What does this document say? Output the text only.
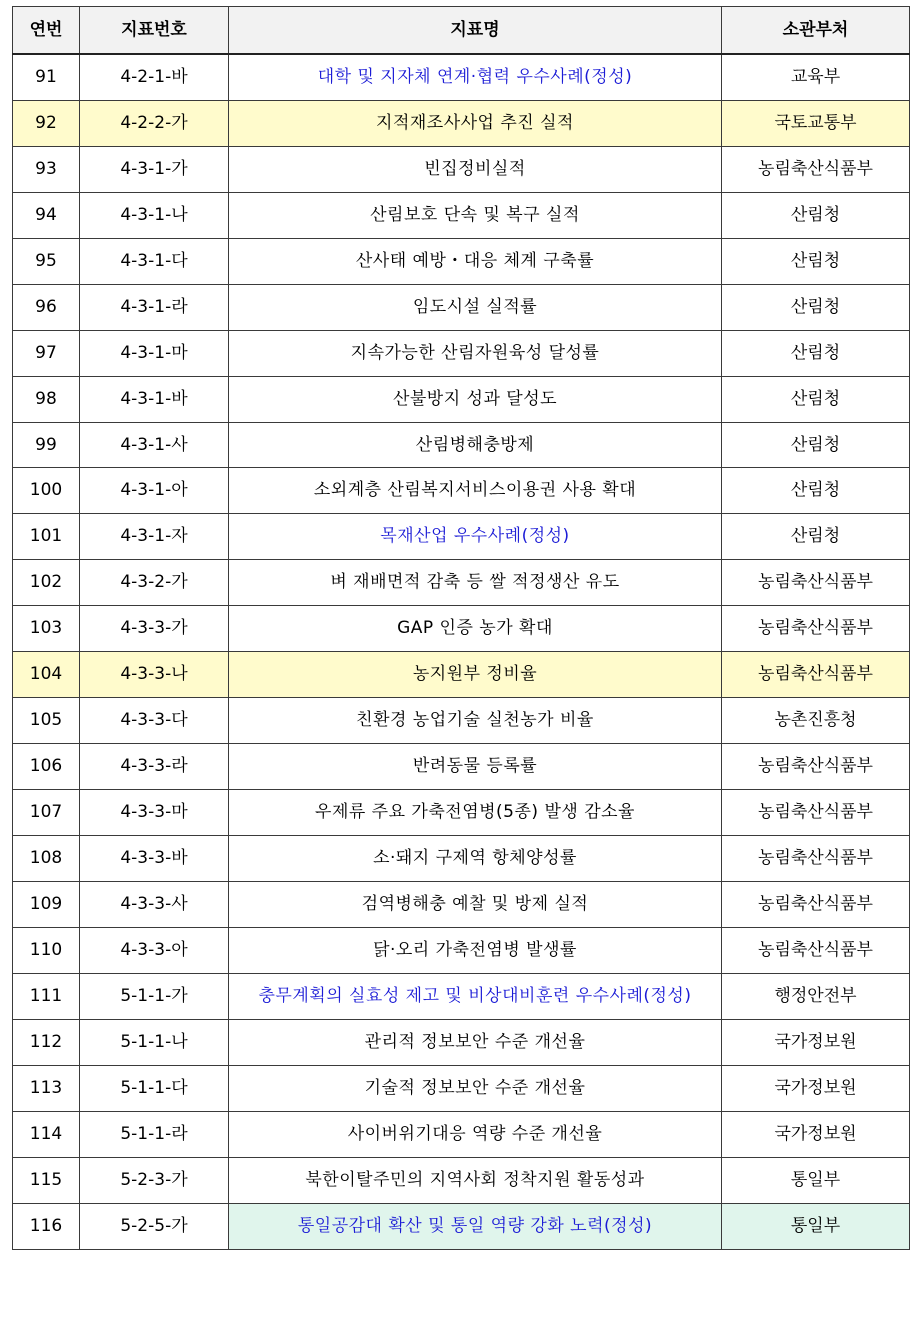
연번	지표번호	지표명	소관부처
91	4-2-1-바	대학 및 지자체 연계·협력 우수사례(정성)	교육부
92	4-2-2-가	지적재조사사업 추진 실적	국토교통부
93	4-3-1-가	빈집정비실적	농림축산식품부
94	4-3-1-나	산림보호 단속 및 복구 실적	산림청
95	4-3-1-다	산사태 예방・대응 체계 구축률	산림청
96	4-3-1-라	임도시설 실적률	산림청
97	4-3-1-마	지속가능한 산림자원육성 달성률	산림청
98	4-3-1-바	산불방지 성과 달성도	산림청
99	4-3-1-사	산림병해충방제	산림청
100	4-3-1-아	소외계층 산림복지서비스이용권 사용 확대	산림청
101	4-3-1-자	목재산업 우수사례(정성)	산림청
102	4-3-2-가	벼 재배면적 감축 등 쌀 적정생산 유도	농림축산식품부
103	4-3-3-가	GAP 인증 농가 확대	농림축산식품부
104	4-3-3-나	농지원부 정비율	농림축산식품부
105	4-3-3-다	친환경 농업기술 실천농가 비율	농촌진흥청
106	4-3-3-라	반려동물 등록률	농림축산식품부
107	4-3-3-마	우제류 주요 가축전염병(5종) 발생 감소율	농림축산식품부
108	4-3-3-바	소·돼지 구제역 항체양성률	농림축산식품부
109	4-3-3-사	검역병해충 예찰 및 방제 실적	농림축산식품부
110	4-3-3-아	닭·오리 가축전염병 발생률	농림축산식품부
111	5-1-1-가	충무계획의 실효성 제고 및 비상대비훈련 우수사례(정성)	행정안전부
112	5-1-1-나	관리적 정보보안 수준 개선율	국가정보원
113	5-1-1-다	기술적 정보보안 수준 개선율	국가정보원
114	5-1-1-라	사이버위기대응 역량 수준 개선율	국가정보원
115	5-2-3-가	북한이탈주민의 지역사회 정착지원 활동성과	통일부
116	5-2-5-가	통일공감대 확산 및 통일 역량 강화 노력(정성)	통일부
